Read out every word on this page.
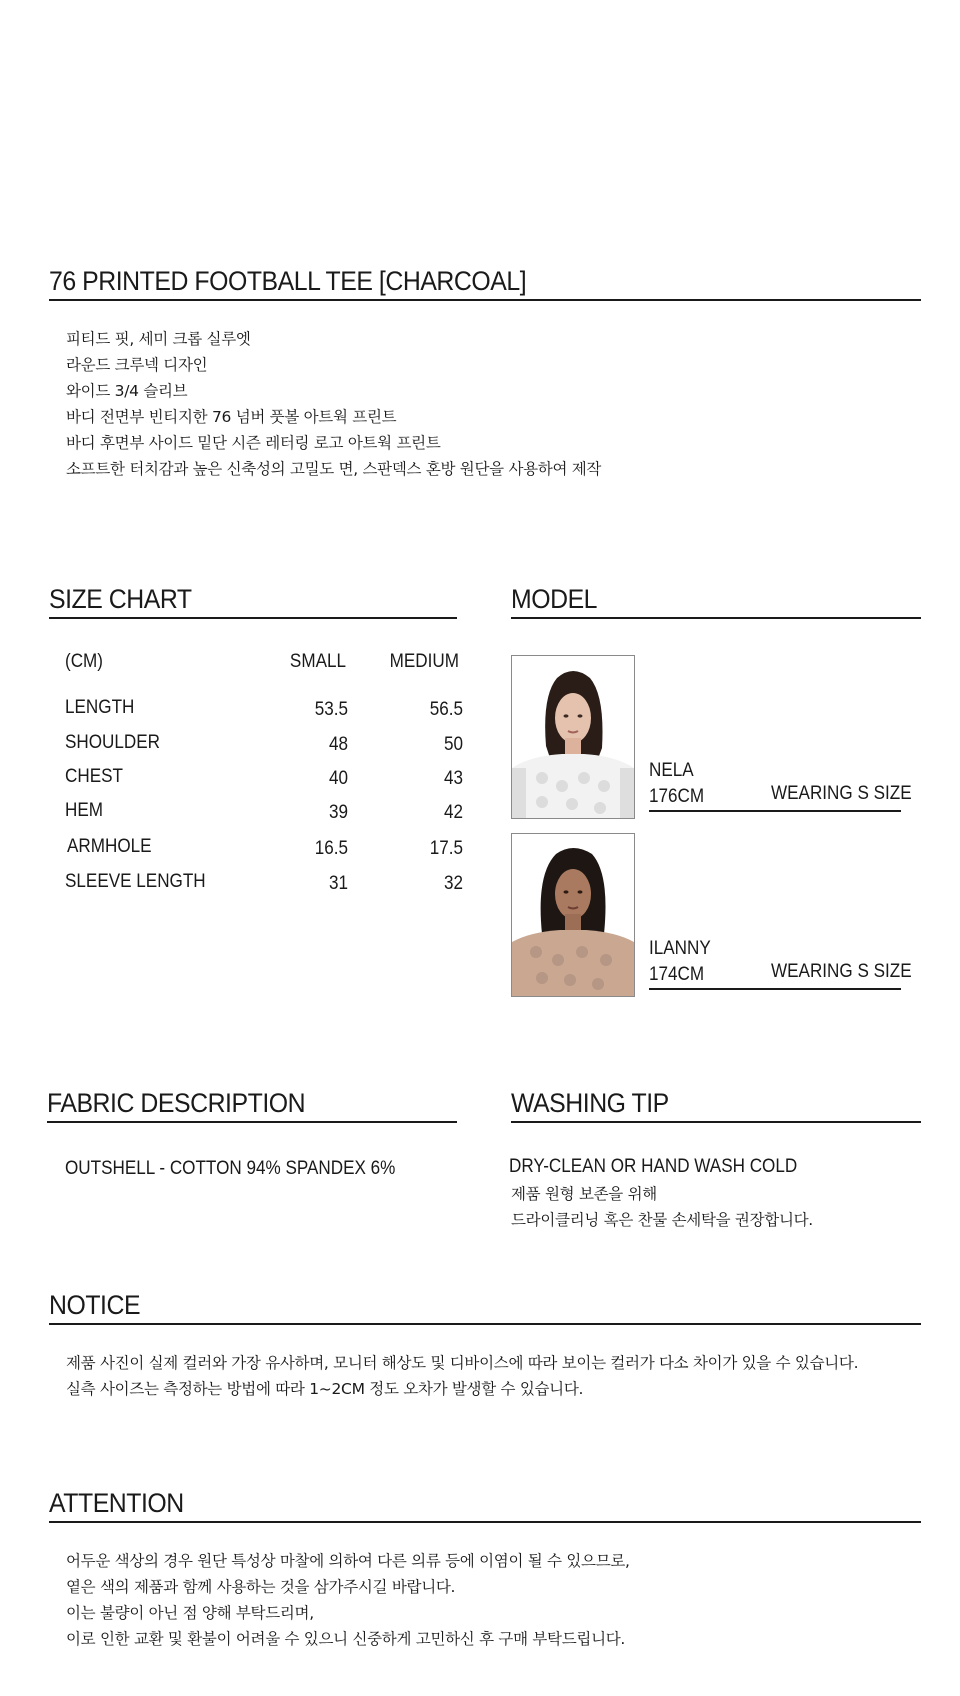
76 PRINTED FOOTBALL TEE [CHARCOAL]
피티드 핏, 세미 크롭 실루엣
라운드 크루넥 디자인
와이드 3/4 슬리브
바디 전면부 빈티지한 76 넘버 풋볼 아트웍 프린트
바디 후면부 사이드 밑단 시즌 레터링 로고 아트웍 프린트
소프트한 터치감과 높은 신축성의 고밀도 면, 스판덱스 혼방 원단을 사용하여 제작
SIZE CHART
(CM)	SMALL MEDIUM
LENGTH	53.5	56.5
SHOULDER	48	50
CHEST	40	43
HEM	39	42
ARMHOLE	16.5	17.5
SLEEVE LENGTH	31	32
MODEL
NELA
176CM	WEARING S SIZE
ILANNY
174CM	WEARING S SIZE
FABRIC DESCRIPTION
OUTSHELL - COTTON 94% SPANDEX 6%
WASHING TIP
DRY-CLEAN OR HAND WASH COLD
제품 원형 보존을 위해
드라이클리닝 혹은 찬물 손세탁을 권장합니다.
NOTICE
제품 사진이 실제 컬러와 가장 유사하며, 모니터 해상도 및 디바이스에 따라 보이는 컬러가 다소 차이가 있을 수 있습니다.
실측 사이즈는 측정하는 방법에 따라 1~2CM 정도 오차가 발생할 수 있습니다.
ATTENTION
어두운 색상의 경우 원단 특성상 마찰에 의하여 다른 의류 등에 이염이 될 수 있으므로,
옅은 색의 제품과 함께 사용하는 것을 삼가주시길 바랍니다.
이는 불량이 아닌 점 양해 부탁드리며,
이로 인한 교환 및 환불이 어려울 수 있으니 신중하게 고민하신 후 구매 부탁드립니다.
